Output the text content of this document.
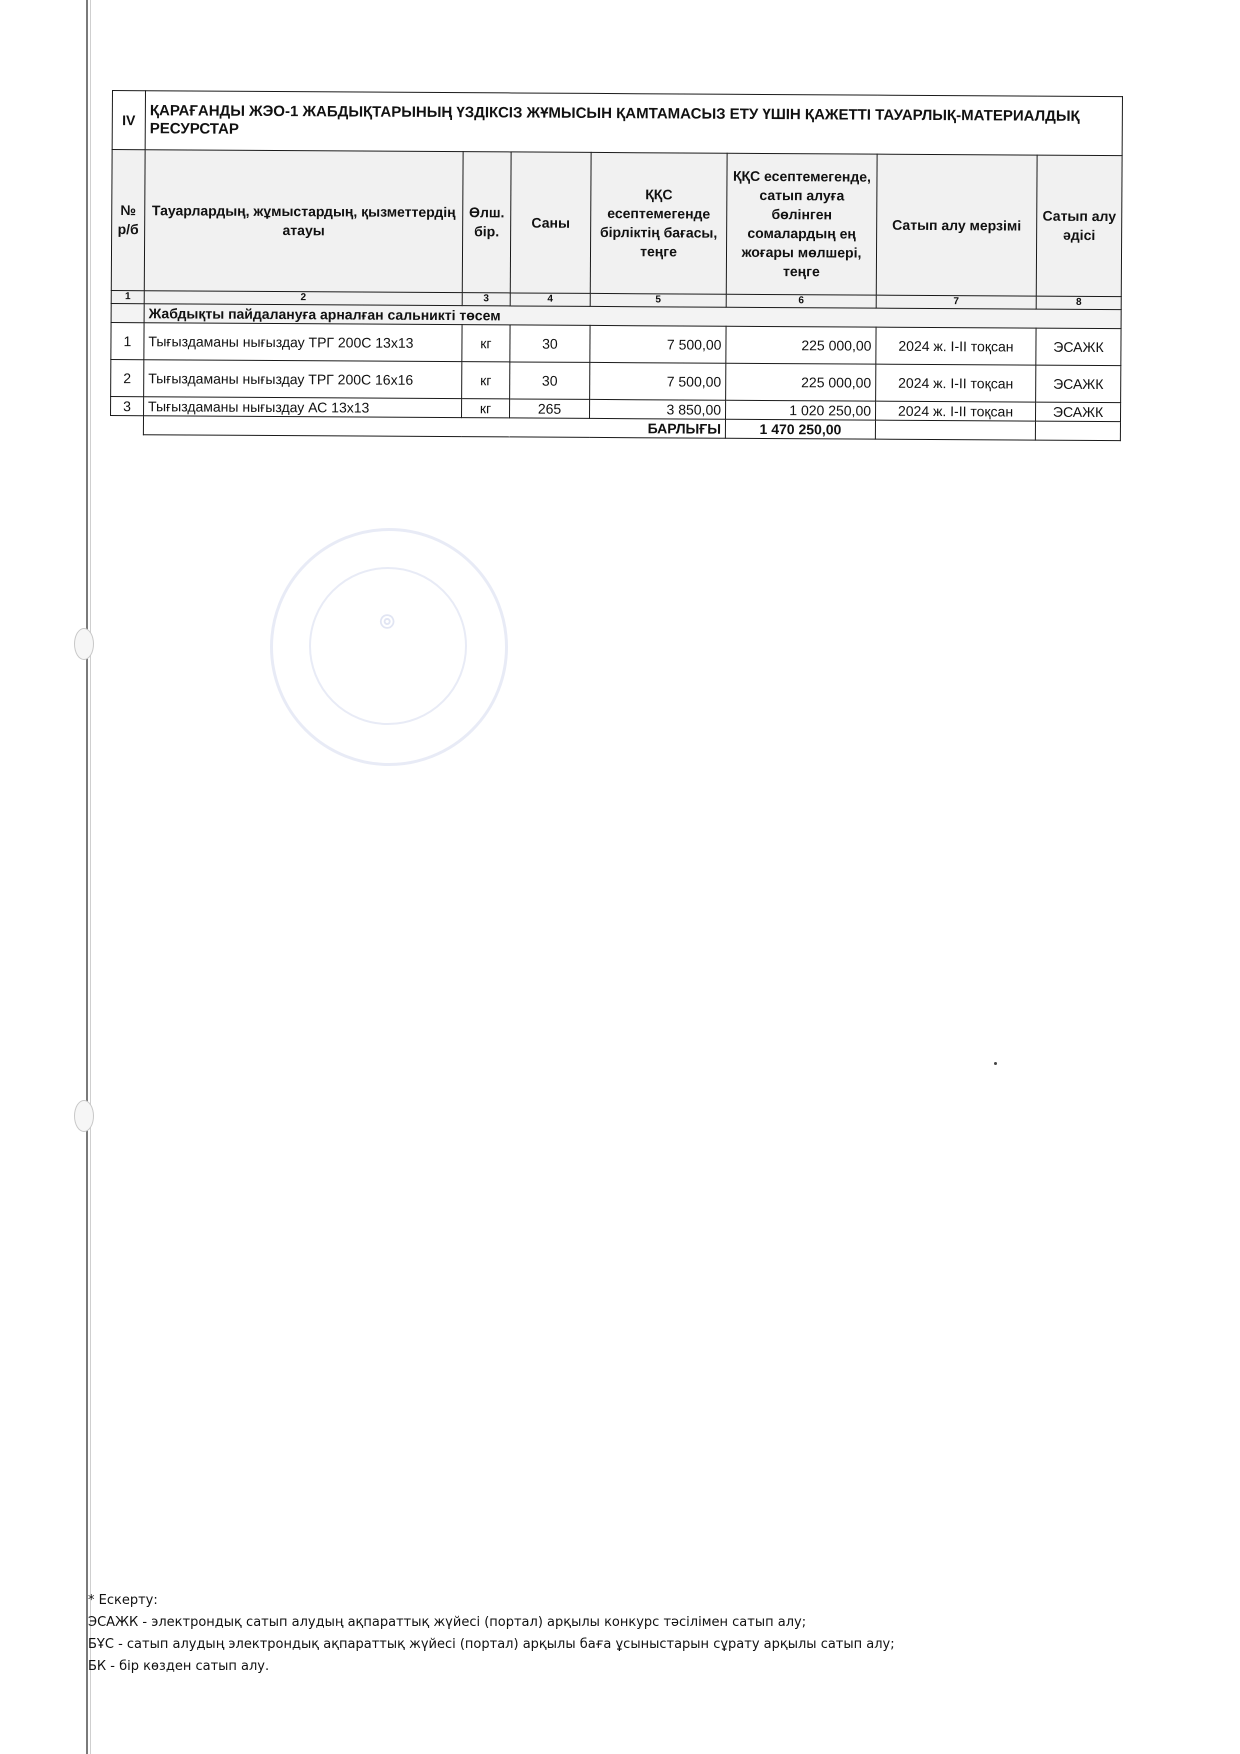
IV	ҚАРАҒАНДЫ ЖЭО-1 ЖАБДЫҚТАРЫНЫҢ ҮЗДІКСІЗ ЖҰМЫСЫН ҚАМТАМАСЫЗ ЕТУ ҮШІН ҚАЖЕТТІ ТАУАРЛЫҚ-МАТЕРИАЛДЫҚ РЕСУРСТАР						
№ р/б	Тауарлардың, жұмыстардың, қызметтердің атауы	Өлш. бір.	Саны	ҚҚС есептемегенде бірліктің бағасы, теңге	ҚҚС есептемегенде, сатып алуға бөлінген сомалардың ең жоғары мөлшері, теңге	Сатып алу мерзімі	Сатып алу әдісі
1	2	3	4	5	6	7	8
	Жабдықты пайдалануға арналған сальникті төсем						
1	Тығыздаманы нығыздау ТРГ 200С 13х13	кг	30	7 500,00	225 000,00	2024 ж. I-II тоқсан	ЭСАЖК
2	Тығыздаманы нығыздау ТРГ 200С 16х16	кг	30	7 500,00	225 000,00	2024 ж. I-II тоқсан	ЭСАЖК
3	Тығыздаманы нығыздау АС 13х13	кг	265	3 850,00	1 020 250,00	2024 ж. I-II тоқсан	ЭСАЖК
	БАРЛЫҒЫ				1 470 250,00		
◎
* Ескерту:
ЭСАЖК - электрондық сатып алудың ақпараттық жүйесі (портал) арқылы конкурс тәсілімен сатып алу;
БҰС - сатып алудың электрондық ақпараттық жүйесі (портал) арқылы баға ұсыныстарын сұрату арқылы сатып алу;
БК - бір көзден сатып алу.
